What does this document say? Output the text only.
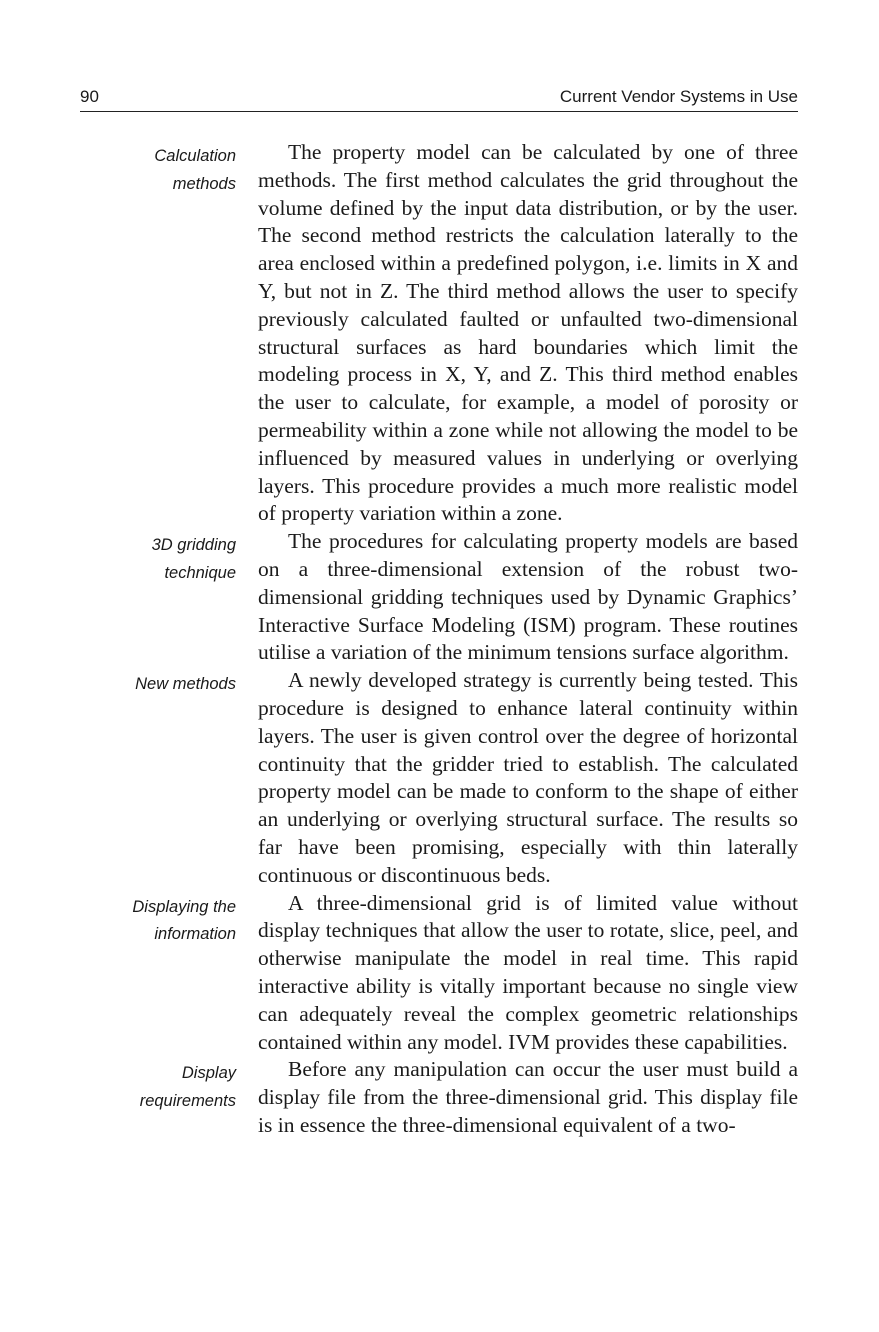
90	Current Vendor Systems in Use
Calculation
methods

The property model can be calculated by one of three methods. The first method calculates the grid throughout the volume defined by the input data distribution, or by the user. The second method restricts the calculation laterally to the area enclosed within a predefined polygon, i.e. limits in X and Y, but not in Z. The third method allows the user to specify previously calculated faulted or unfaulted two-dimensional structural surfaces as hard boundaries which limit the modeling process in X, Y, and Z. This third method enables the user to calculate, for example, a model of porosity or permeability within a zone while not allowing the model to be influenced by measured values in underlying or overlying layers. This procedure provides a much more realistic model of property variation within a zone.

3D gridding
technique

The procedures for calculating property models are based on a three-dimensional extension of the robust two-dimensional gridding techniques used by Dynamic Graphics’ Interactive Surface Modeling (ISM) program. These routines utilise a variation of the minimum tensions surface algorithm.

New methods	A newly developed strategy is currently being tested. This procedure is designed to enhance lateral continuity within layers. The user is given control over the degree of horizontal continuity that the gridder tried to establish. The calculated property model can be made to conform to the shape of either an underlying or overlying structural surface. The results so far have been promising, especially with thin laterally continuous or discontinuous beds.

Displaying the
information

A three-dimensional grid is of limited value without display techniques that allow the user to rotate, slice, peel, and otherwise manipulate the model in real time. This rapid interactive ability is vitally important because no single view can adequately reveal the complex geometric relationships contained within any model. IVM provides these capabilities.

Display
requirements

Before any manipulation can occur the user must build a display file from the three-dimensional grid. This display file is in essence the three-dimensional equivalent of a two-
